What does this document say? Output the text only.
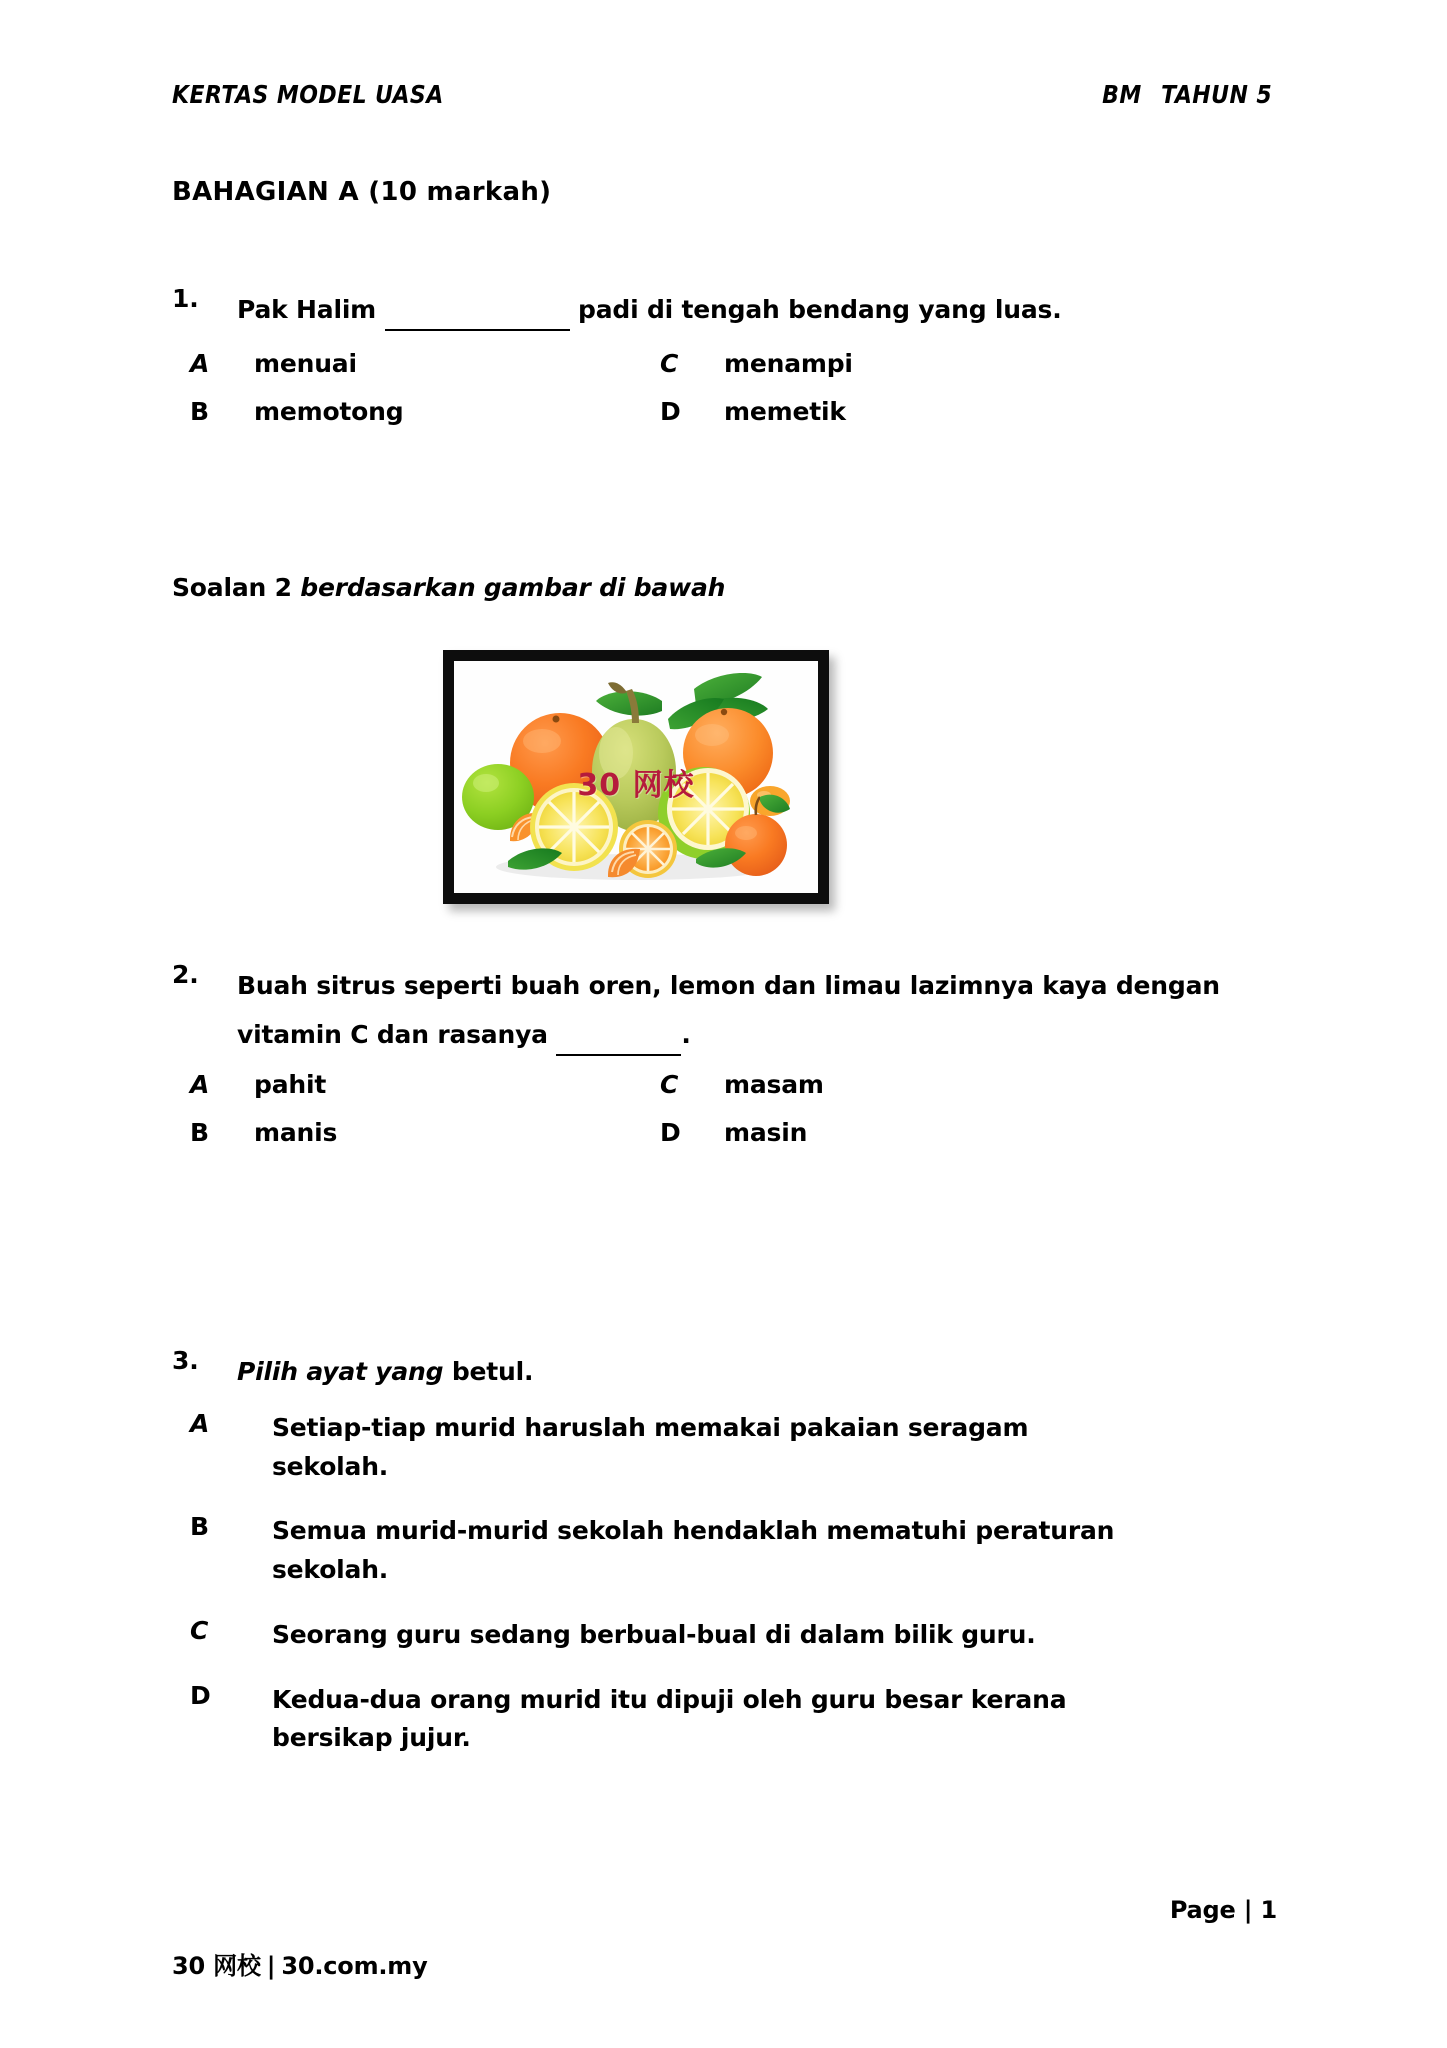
KERTAS MODEL UASA	BM TAHUN 5
BAHAGIAN A (10 markah)
1.	Pak Halim	padi di tengah bendang yang luas.
A	menuai	C	menampi
B	memotong	D	memetik
Soalan 2 berdasarkan gambar di bawah
30 网校
2.	Buah sitrus seperti buah oren, lemon dan limau lazimnya kaya dengan
vitamin C dan rasanya	.
A	pahit	C	masam
B	manis	D	masin
3.	Pilih ayat yang betul.
A	Setiap-tiap murid haruslah memakai pakaian seragam sekolah.
B	Semua murid-murid sekolah hendaklah mematuhi peraturan sekolah.
C	Seorang guru sedang berbual-bual di dalam bilik guru.
D	Kedua-dua orang murid itu dipuji oleh guru besar kerana bersikap jujur.
Page | 1
30 网校 | 30.com.my
